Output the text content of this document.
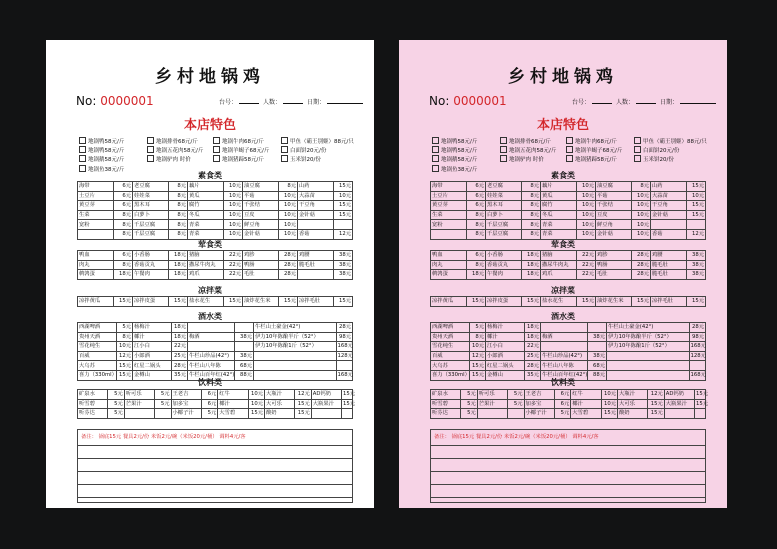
乡村地锅鸡
No: 0000001	台号：	人数：	日期：
本店特色
地锅鸭58元/斤	地锅排骨68元/斤	地锅牛肉68元/斤	甲鱼（霸王别姬）88元/只
地锅鸭58元/斤	地锅五花肉58元/斤	地锅羊蝎子68元/斤	白面饼20元/份
地锅鹅58元/斤	地锅驴肉 时价	地锅猪蹄58元/斤	玉米饼20/份
地锅鱼38元/斤
素食类
海带	6元	老豆腐	8元	藕片	10元	油豆腐	8元	山药	15元
土豆片	6元	娃娃菜	8元	黄瓜	10元	平菇	10元	大蒜苗	10元
黄豆芽	6元	黑木耳	8元	腐竹	10元	千张结	10元	干豆角	15元
生菜	8元	白萝卜	8元	冬瓜	10元	豆皮	10元	金针菇	15元
宽粉	8元	千层豆腐	8元	青菜	10元	鲜豆角	10元		
	8元	千层豆腐	8元	青菜	10元	金针菇	10元	香菇	12元
荤食类
鸭血	6元	小香肠	18元	猪脑	22元	鸡胗	28元	鸡腰	38元
肉丸	8元	香菇贡丸	18元	撒尿牛肉丸	22元	鸭肠	28元	脆毛肚	38元
鹌鹑蛋	18元	午餐肉	18元	鸡爪	22元	毛肚	28元		38元
凉拌菜
凉拌黄瓜	15元	凉拌皮蛋	15元	盐水花生	15元	油炸花生米	15元	凉拌毛肚	15元
酒水类
西湖啤酒	5元	杨梅汁	18元			牛栏山土豪金(42°)	28元
贵州天酒	8元	椰汁	18元	梅酒	38元	伊力10年陈酿半斤（52°）	98元
雪花纯生	10元	江小白	22元			伊力10年陈酿1斤（52°）	168元
百威	12元	小郎酒	25元	牛栏山珍品(42°)	38元		128元
大乌苏	15元	红星二锅头	28元	牛栏山八年陈	68元		
喜力（330ml）	15元	金樽山	35元	牛栏山百年红(42°)	88元		168元
饮料类
矿泉水	5元	听可乐	5元	王老吉	6元	红牛	10元	大瓶汁	12元	AD钙奶	15元
听雪碧	5元	芒果汁	5元	加多宝	6元	椰汁	10元	大可乐	15元	大瓶果汁	15元
听芬达	5元			小椰子汁	5元	大雪碧	15元	酸奶	15元		
备注： 锅底15元 餐具2元/份 米饭2元/碗（米饭20元/桶） 调料4元/客
乡村地锅鸡
No: 0000001	台号：	人数：	日期：
本店特色
地锅鸭58元/斤	地锅排骨68元/斤	地锅牛肉68元/斤	甲鱼（霸王别姬）88元/只
地锅鸭58元/斤	地锅五花肉58元/斤	地锅羊蝎子68元/斤	白面饼20元/份
地锅鹅58元/斤	地锅驴肉 时价	地锅猪蹄58元/斤	玉米饼20/份
地锅鱼38元/斤
素食类
海带	6元	老豆腐	8元	藕片	10元	油豆腐	8元	山药	15元
土豆片	6元	娃娃菜	8元	黄瓜	10元	平菇	10元	大蒜苗	10元
黄豆芽	6元	黑木耳	8元	腐竹	10元	千张结	10元	干豆角	15元
生菜	8元	白萝卜	8元	冬瓜	10元	豆皮	10元	金针菇	15元
宽粉	8元	千层豆腐	8元	青菜	10元	鲜豆角	10元		
	8元	千层豆腐	8元	青菜	10元	金针菇	10元	香菇	12元
荤食类
鸭血	6元	小香肠	18元	猪脑	22元	鸡胗	28元	鸡腰	38元
肉丸	8元	香菇贡丸	18元	撒尿牛肉丸	22元	鸭肠	28元	脆毛肚	38元
鹌鹑蛋	18元	午餐肉	18元	鸡爪	22元	毛肚	28元	脆毛肚	38元
凉拌菜
凉拌黄瓜	15元	凉拌皮蛋	15元	盐水花生	15元	油炸花生米	15元	凉拌毛肚	15元
酒水类
西湖啤酒	5元	杨梅汁	18元			牛栏山土豪金(42°)	28元
贵州天酒	8元	椰汁	18元	梅酒	38元	伊力10年陈酿半斤（52°）	98元
雪花纯生	10元	江小白	22元			伊力10年陈酿1斤（52°）	168元
百威	12元	小郎酒	25元	牛栏山珍品(42°)	38元		128元
大乌苏	15元	红星二锅头	28元	牛栏山八年陈	68元		
喜力（330ml）	15元	金樽山	35元	牛栏山百年红(42°)	88元		168元
饮料类
矿泉水	5元	听可乐	5元	王老吉	6元	红牛	10元	大瓶汁	12元	AD钙奶	15元
听雪碧	5元	芒果汁	5元	加多宝	6元	椰汁	10元	大可乐	15元	大瓶果汁	15元
听芬达	5元			小椰子汁	5元	大雪碧	15元	酸奶	15元		
备注： 锅底15元 餐具2元/份 米饭2元/碗（米饭20元/桶） 调料4元/客
